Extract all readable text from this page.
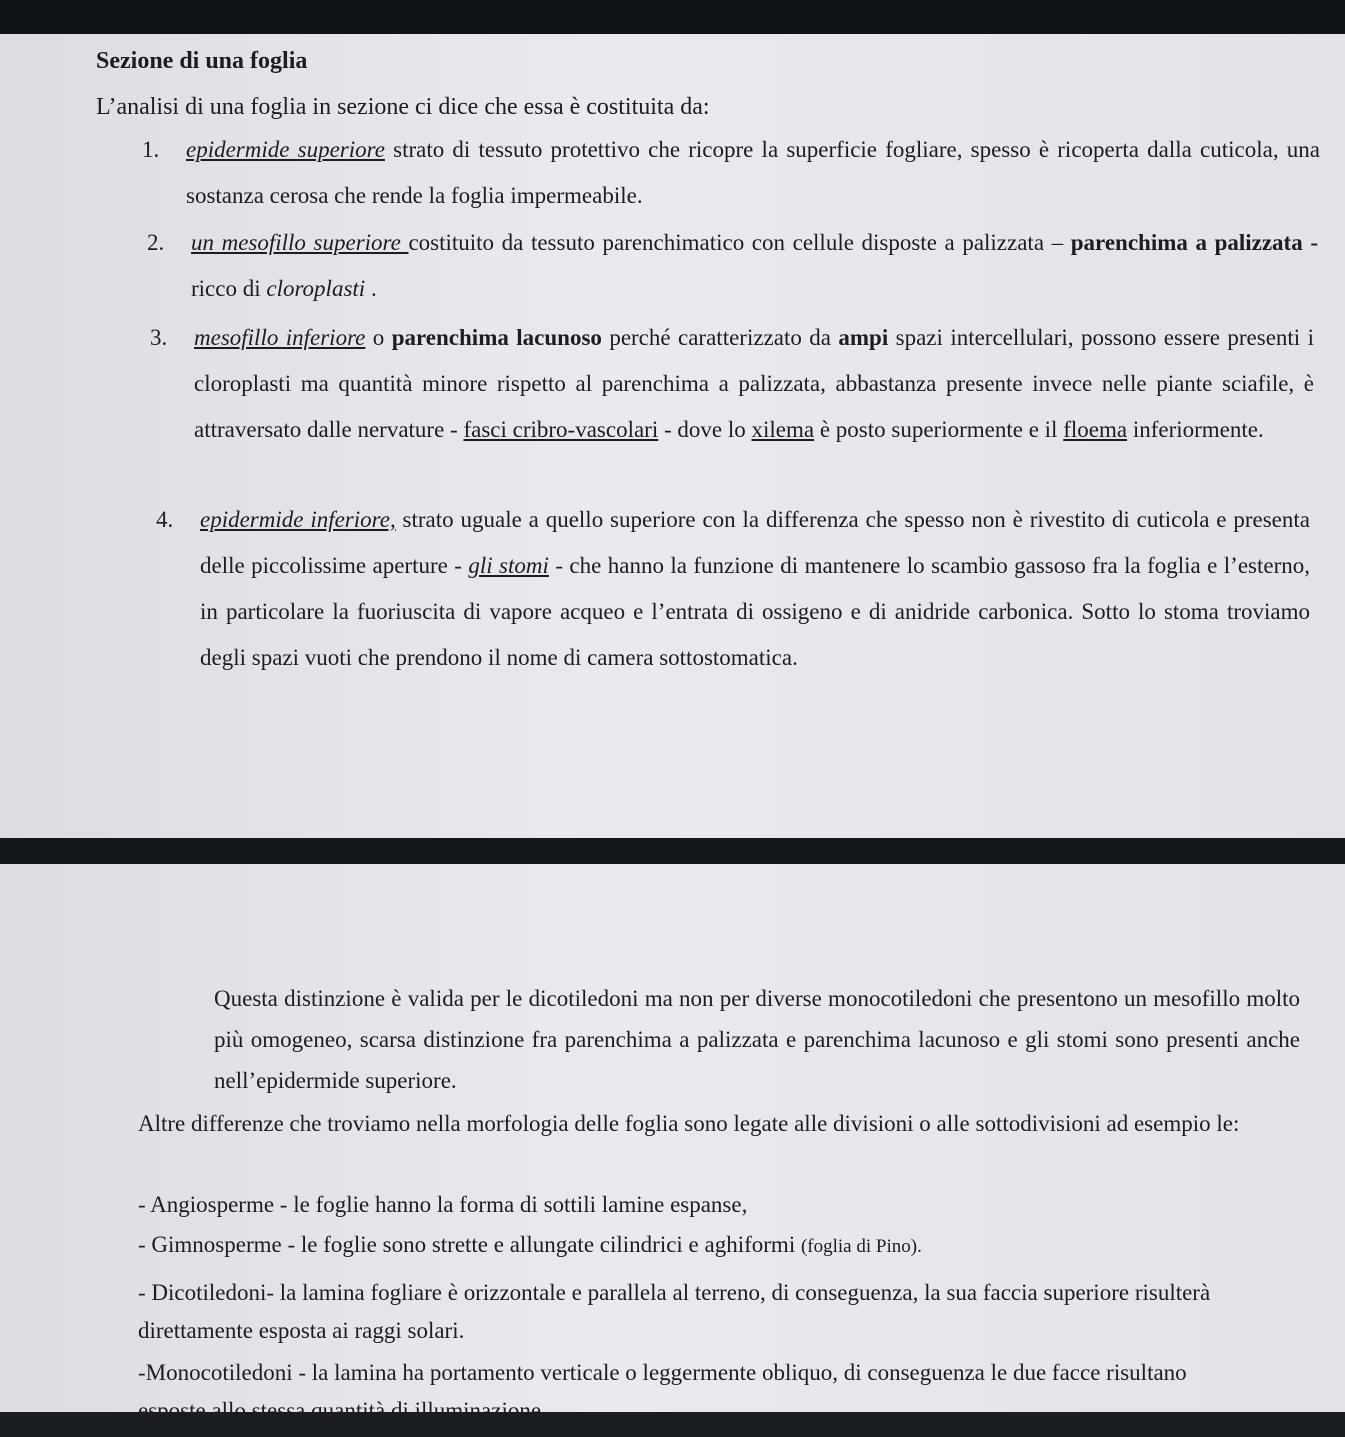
Sezione di una foglia
L’analisi di una foglia in sezione ci dice che essa è costituita da:
1. epidermide superiore strato di tessuto protettivo che ricopre la superficie fogliare, spesso è ricoperta dalla cuticola, una sostanza cerosa che rende la foglia impermeabile.
2. un mesofillo superiore costituito da tessuto parenchimatico con cellule disposte a palizzata – parenchima a palizzata - ricco di cloroplasti .
3. mesofillo inferiore o parenchima lacunoso perché caratterizzato da ampi spazi intercellulari, possono essere presenti i cloroplasti ma quantità minore rispetto al parenchima a palizzata, abbastanza presente invece nelle piante sciafile, è attraversato dalle nervature - fasci cribro-vascolari - dove lo xilema è posto superiormente e il floema inferiormente.
4. epidermide inferiore, strato uguale a quello superiore con la differenza che spesso non è rivestito di cuticola e presenta delle piccolissime aperture - gli stomi - che hanno la funzione di mantenere lo scambio gassoso fra la foglia e l’esterno, in particolare la fuoriuscita di vapore acqueo e l’entrata di ossigeno e di anidride carbonica. Sotto lo stoma troviamo degli spazi vuoti che prendono il nome di camera sottostomatica.
Questa distinzione è valida per le dicotiledoni ma non per diverse monocotiledoni che presentono un mesofillo molto più omogeneo, scarsa distinzione fra parenchima a palizzata e parenchima lacunoso e gli stomi sono presenti anche nell’epidermide superiore.
Altre differenze che troviamo nella morfologia delle foglia sono legate alle divisioni o alle sottodivisioni ad esempio le:
- Angiosperme - le foglie hanno la forma di sottili lamine espanse,
- Gimnosperme - le foglie sono strette e allungate cilindrici e aghiformi (foglia di Pino).
- Dicotiledoni- la lamina fogliare è orizzontale e parallela al terreno, di conseguenza, la sua faccia superiore risulterà direttamente esposta ai raggi solari.
-Monocotiledoni - la lamina ha portamento verticale o leggermente obliquo, di conseguenza le due facce risultano esposte allo stessa quantità di illuminazione.
